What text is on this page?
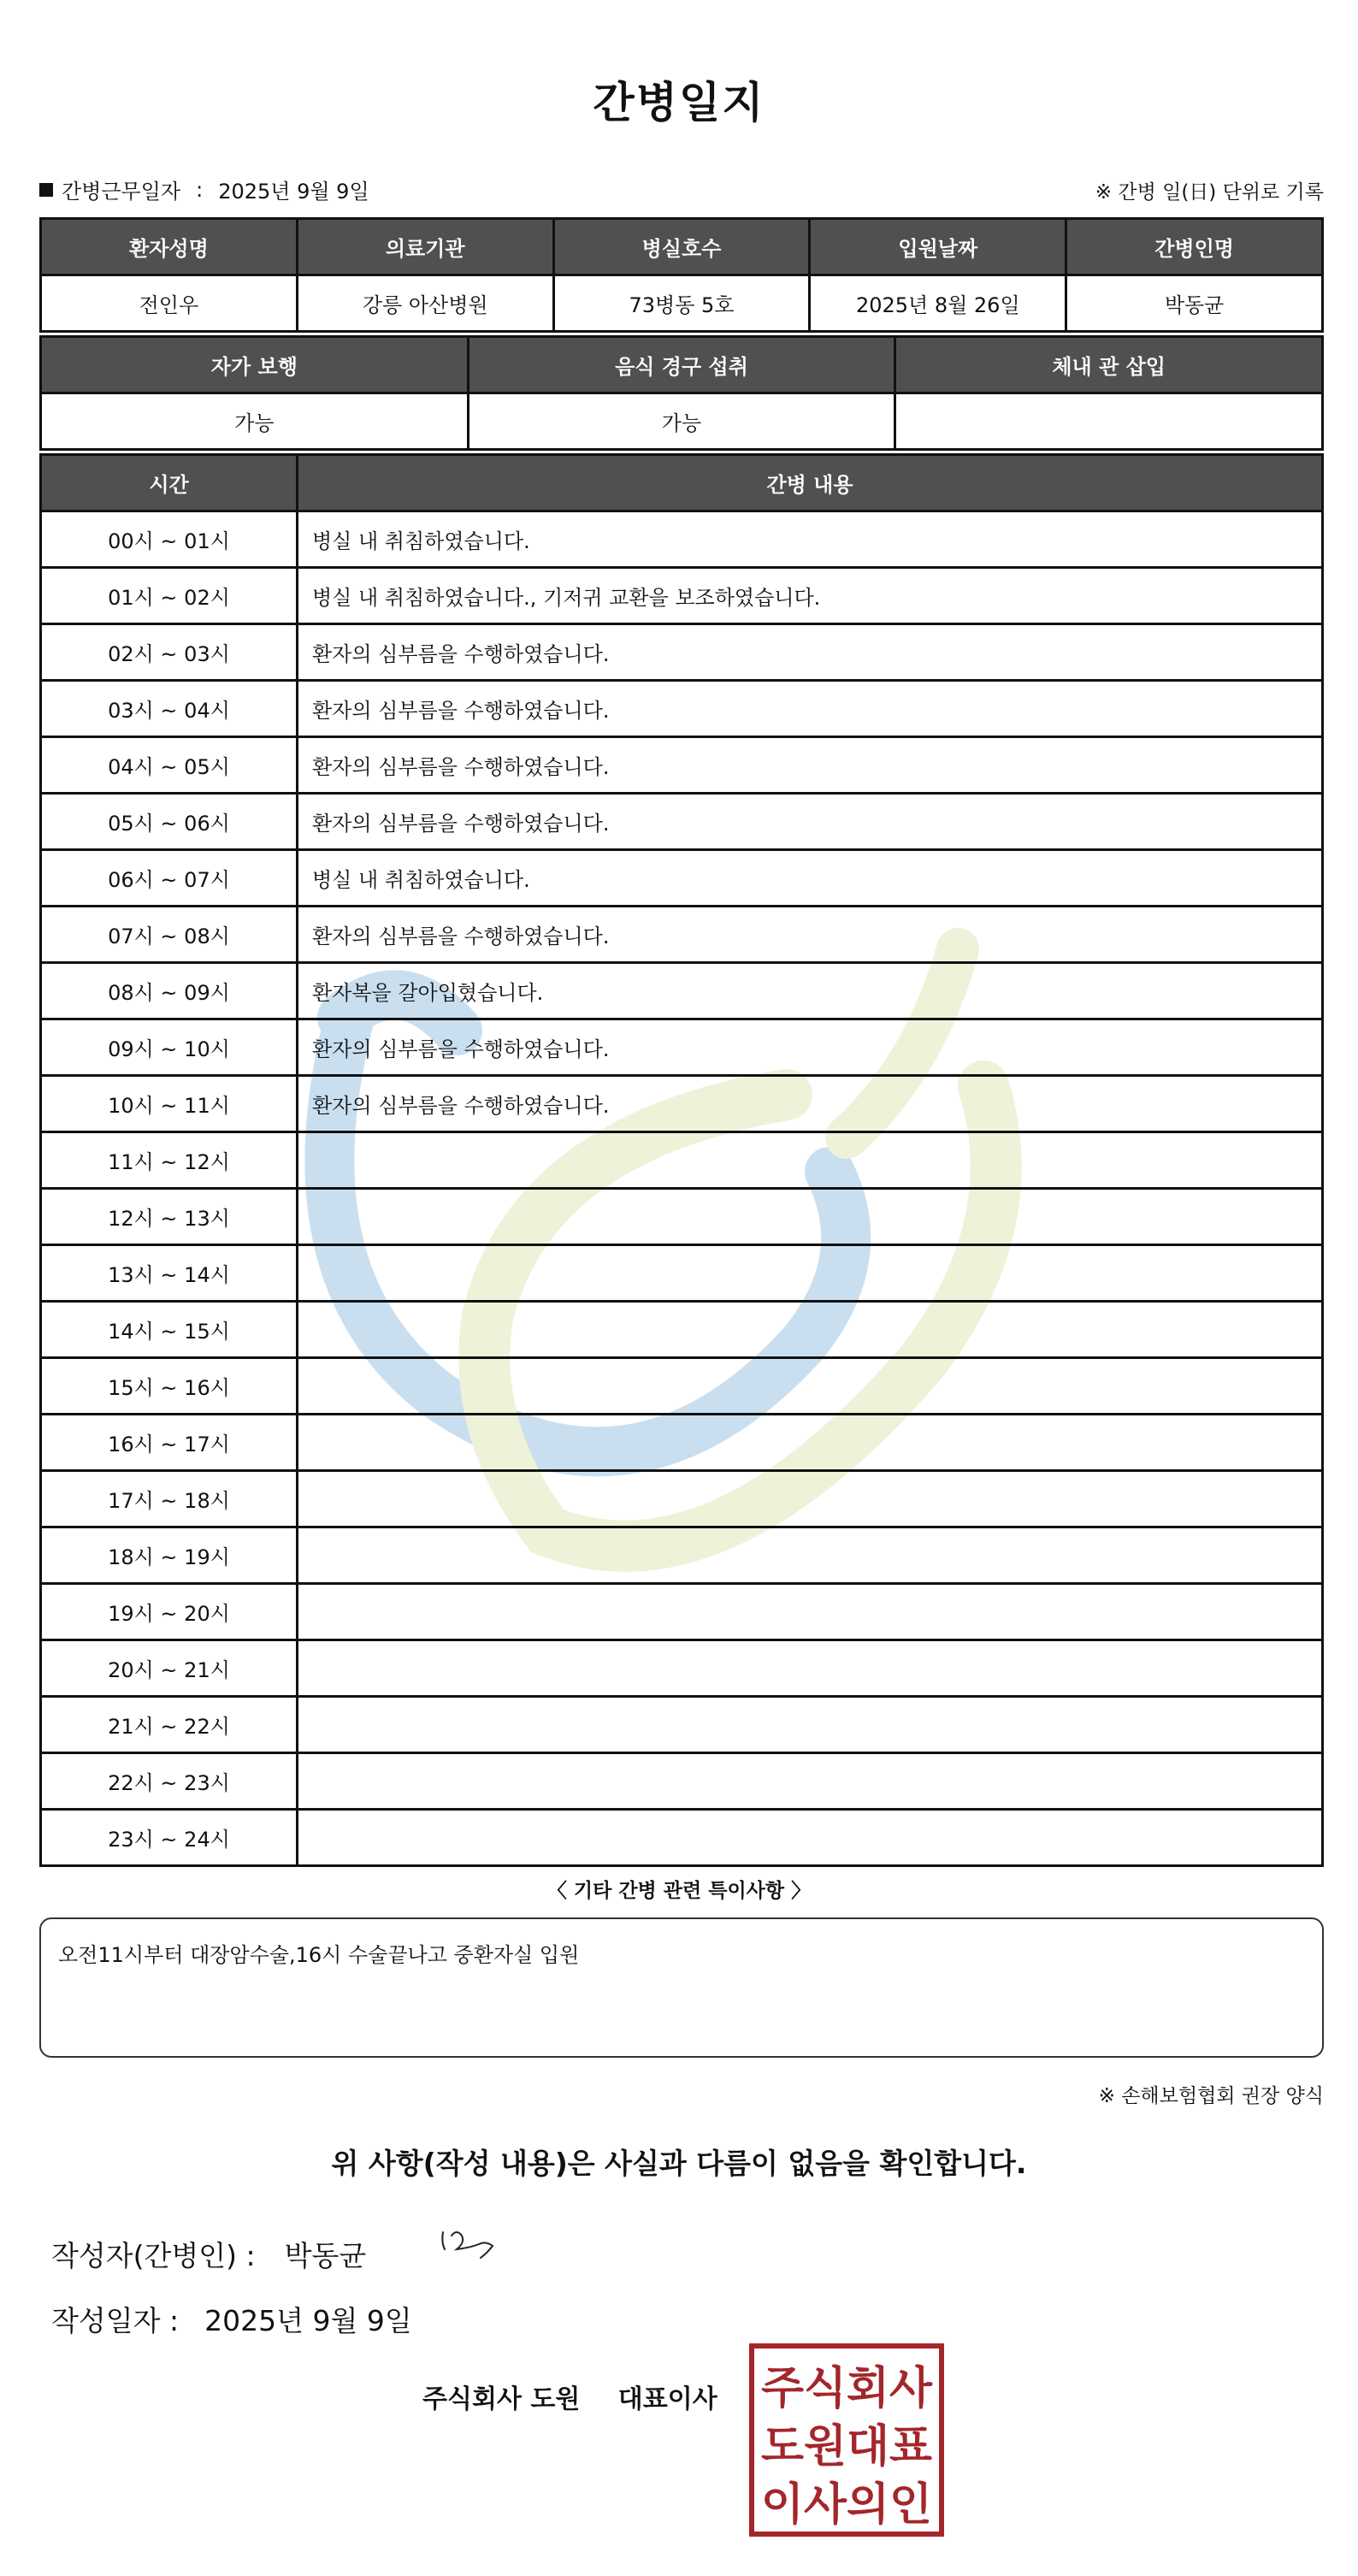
간병일지
간병근무일자 : 2025년 9월 9일	※ 간병 일(日) 단위로 기록
환자성명	의료기관	병실호수	입원날짜	간병인명
전인우	강릉 아산병원	73병동 5호	2025년 8월 26일	박동균
자가 보행	음식 경구 섭취	체내 관 삽입
가능	가능	
시간	간병 내용
00시 ~ 01시	병실 내 취침하였습니다.
01시 ~ 02시	병실 내 취침하였습니다., 기저귀 교환을 보조하였습니다.
02시 ~ 03시	환자의 심부름을 수행하였습니다.
03시 ~ 04시	환자의 심부름을 수행하였습니다.
04시 ~ 05시	환자의 심부름을 수행하였습니다.
05시 ~ 06시	환자의 심부름을 수행하였습니다.
06시 ~ 07시	병실 내 취침하였습니다.
07시 ~ 08시	환자의 심부름을 수행하였습니다.
08시 ~ 09시	환자복을 갈아입혔습니다.
09시 ~ 10시	환자의 심부름을 수행하였습니다.
10시 ~ 11시	환자의 심부름을 수행하였습니다.
11시 ~ 12시	
12시 ~ 13시	
13시 ~ 14시	
14시 ~ 15시	
15시 ~ 16시	
16시 ~ 17시	
17시 ~ 18시	
18시 ~ 19시	
19시 ~ 20시	
20시 ~ 21시	
21시 ~ 22시	
22시 ~ 23시	
23시 ~ 24시	
〈 기타 간병 관련 특이사항 〉
오전11시부터 대장암수술,16시 수술끝나고 중환자실 입원
※ 손해보험협회 권장 양식
위 사항(작성 내용)은 사실과 다름이 없음을 확인합니다.
작성자(간병인) : 박동균
작성일자 : 2025년 9월 9일
주식회사 도원 대표이사 주식회사
도원대표
이사의인
